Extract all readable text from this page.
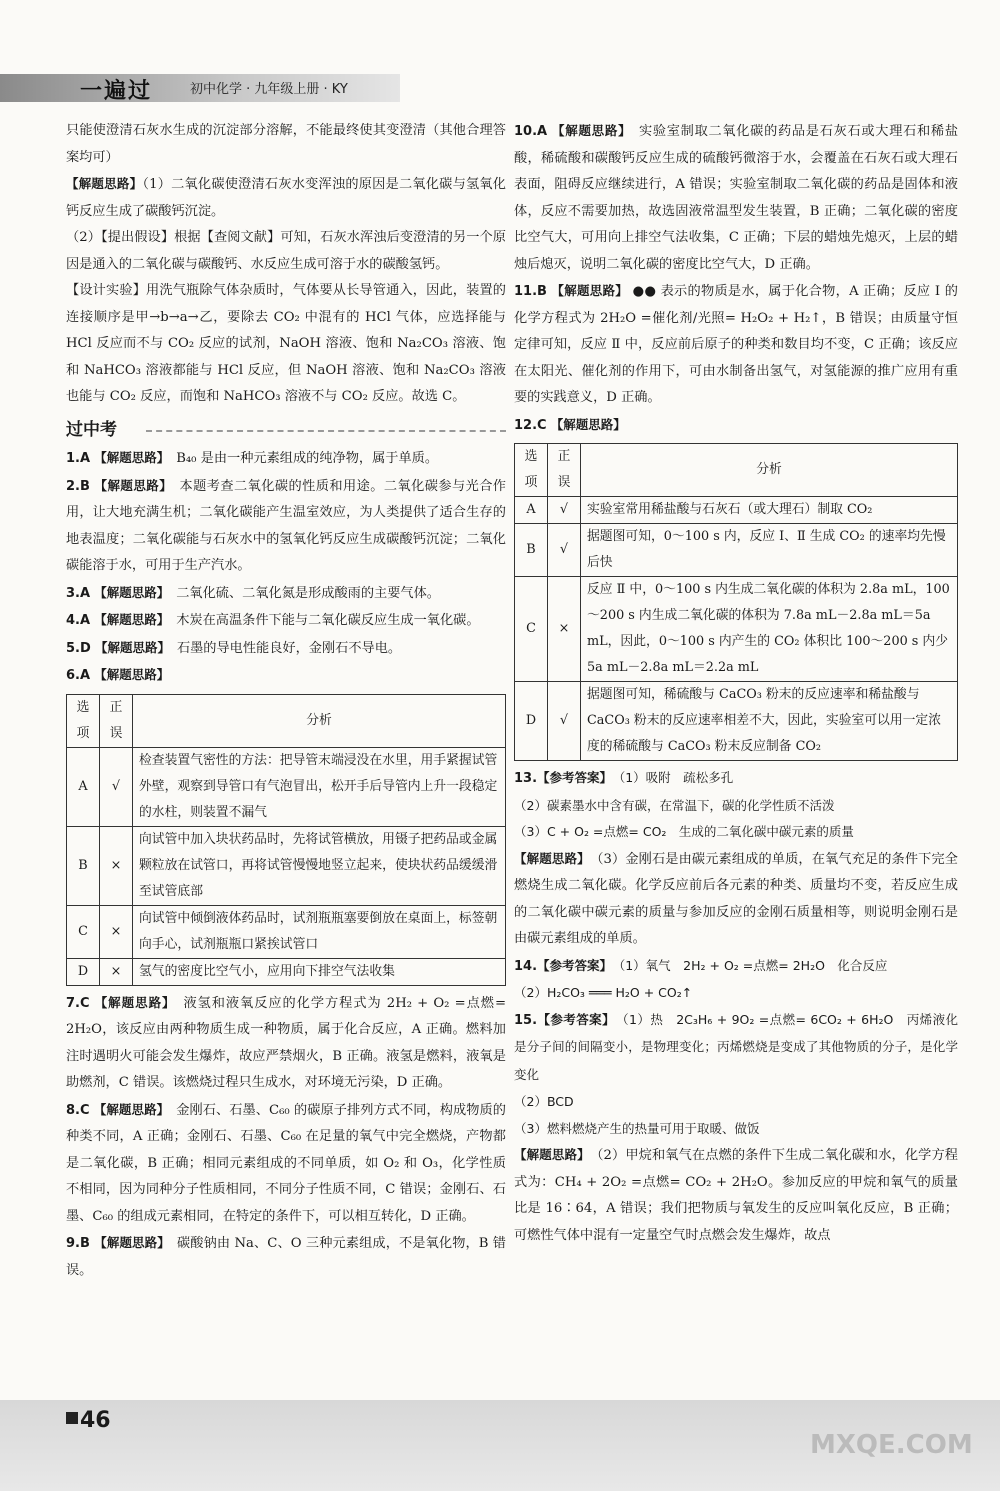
一遍过	初中化学 · 九年级上册 · KY

只能使澄清石灰水生成的沉淀部分溶解，不能最终使其变澄清（其他合理答案均可）

【解题思路】（1）二氧化碳使澄清石灰水变浑浊的原因是二氧化碳与氢氧化钙反应生成了碳酸钙沉淀。

（2）【提出假设】根据【查阅文献】可知，石灰水浑浊后变澄清的另一个原因是通入的二氧化碳与碳酸钙、水反应生成可溶于水的碳酸氢钙。

【设计实验】用洗气瓶除气体杂质时，气体要从长导管通入，因此，装置的连接顺序是甲→b→a→乙，要除去 CO₂ 中混有的 HCl 气体，应选择能与 HCl 反应而不与 CO₂ 反应的试剂，NaOH 溶液、饱和 Na₂CO₃ 溶液、饱和 NaHCO₃ 溶液都能与 HCl 反应，但 NaOH 溶液、饱和 Na₂CO₃ 溶液也能与 CO₂ 反应，而饱和 NaHCO₃ 溶液不与 CO₂ 反应。故选 C。

过中考

1.A 【解题思路】　 B₄₀ 是由一种元素组成的纯净物，属于单质。

2.B 【解题思路】　 本题考查二氧化碳的性质和用途。二氧化碳参与光合作用，让大地充满生机；二氧化碳能产生温室效应，为人类提供了适合生存的地表温度；二氧化碳能与石灰水中的氢氧化钙反应生成碳酸钙沉淀；二氧化碳能溶于水，可用于生产汽水。

3.A 【解题思路】　 二氧化硫、二氧化氮是形成酸雨的主要气体。

4.A 【解题思路】　 木炭在高温条件下能与二氧化碳反应生成一氧化碳。

5.D 【解题思路】　 石墨的导电性能良好，金刚石不导电。

6.A 【解题思路】

选项	正误	分析
A	√	检查装置气密性的方法：把导管末端浸没在水里，用手紧握试管外壁，观察到导管口有气泡冒出，松开手后导管内上升一段稳定的水柱，则装置不漏气
B	×	向试管中加入块状药品时，先将试管横放，用镊子把药品或金属颗粒放在试管口，再将试管慢慢地竖立起来，使块状药品缓缓滑至试管底部
C	×	向试管中倾倒液体药品时，试剂瓶瓶塞要倒放在桌面上，标签朝向手心，试剂瓶瓶口紧挨试管口
D	×	氢气的密度比空气小，应用向下排空气法收集

7.C 【解题思路】　 液氢和液氧反应的化学方程式为 2H₂ + O₂ =点燃= 2H₂O，该反应由两种物质生成一种物质，属于化合反应，A 正确。燃料加注时遇明火可能会发生爆炸，故应严禁烟火，B 正确。液氢是燃料，液氧是助燃剂，C 错误。该燃烧过程只生成水，对环境无污染，D 正确。

8.C 【解题思路】　 金刚石、石墨、C₆₀ 的碳原子排列方式不同，构成物质的种类不同，A 正确；金刚石、石墨、C₆₀ 在足量的氧气中完全燃烧，产物都是二氧化碳，B 正确；相同元素组成的不同单质，如 O₂ 和 O₃，化学性质不相同，因为同种分子性质相同，不同分子性质不同，C 错误；金刚石、石墨、C₆₀ 的组成元素相同，在特定的条件下，可以相互转化，D 正确。

9.B 【解题思路】　 碳酸钠由 Na、C、O 三种元素组成，不是氧化物，B 错误。

10.A 【解题思路】　 实验室制取二氧化碳的药品是石灰石或大理石和稀盐酸，稀硫酸和碳酸钙反应生成的硫酸钙微溶于水，会覆盖在石灰石或大理石表面，阻碍反应继续进行，A 错误；实验室制取二氧化碳的药品是固体和液体，反应不需要加热，故选固液常温型发生装置，B 正确；二氧化碳的密度比空气大，可用向上排空气法收集，C 正确；下层的蜡烛先熄灭，上层的蜡烛后熄灭，说明二氧化碳的密度比空气大，D 正确。

11.B 【解题思路】 ●● 表示的物质是水，属于化合物，A 正确；反应 Ⅰ 的化学方程式为 2H₂O =催化剂/光照= H₂O₂ + H₂↑，B 错误；由质量守恒定律可知，反应 Ⅱ 中，反应前后原子的种类和数目均不变，C 正确；该反应在太阳光、催化剂的作用下，可由水制备出氢气，对氢能源的推广应用有重要的实践意义，D 正确。

12.C 【解题思路】

选项	正误	分析
A	√	实验室常用稀盐酸与石灰石（或大理石）制取 CO₂
B	√	据题图可知，0～100 s 内，反应 Ⅰ、Ⅱ 生成 CO₂ 的速率均先慢后快
C	×	反应 Ⅱ 中，0～100 s 内生成二氧化碳的体积为 2.8a mL，100～200 s 内生成二氧化碳的体积为 7.8a mL－2.8a mL＝5a mL，因此，0～100 s 内产生的 CO₂ 体积比 100～200 s 内少 5a mL－2.8a mL＝2.2a mL
D	√	据题图可知，稀硫酸与 CaCO₃ 粉末的反应速率和稀盐酸与 CaCO₃ 粉末的反应速率相差不大，因此，实验室可以用一定浓度的稀硫酸与 CaCO₃ 粉末反应制备 CO₂

13.【参考答案】　 （1）吸附　疏松多孔

（2）碳素墨水中含有碳，在常温下，碳的化学性质不活泼

（3）C + O₂ =点燃= CO₂　生成的二氧化碳中碳元素的质量

【解题思路】　 （3）金刚石是由碳元素组成的单质，在氧气充足的条件下完全燃烧生成二氧化碳。化学反应前后各元素的种类、质量均不变，若反应生成的二氧化碳中碳元素的质量与参加反应的金刚石质量相等，则说明金刚石是由碳元素组成的单质。

14.【参考答案】　 （1）氧气　2H₂ + O₂ =点燃= 2H₂O　化合反应

（2）H₂CO₃ ═══ H₂O + CO₂↑

15.【参考答案】　 （1）热　2C₃H₆ + 9O₂ =点燃= 6CO₂ + 6H₂O　丙烯液化是分子间的间隔变小，是物理变化；丙烯燃烧是变成了其他物质的分子，是化学变化

（2）BCD

（3）燃料燃烧产生的热量可用于取暖、做饭

【解题思路】　 （2）甲烷和氧气在点燃的条件下生成二氧化碳和水，化学方程式为：CH₄ + 2O₂ =点燃= CO₂ + 2H₂O。参加反应的甲烷和氧气的质量比是 16∶64，A 错误；我们把物质与氧发生的反应叫氧化反应，B 正确；可燃性气体中混有一定量空气时点燃会发生爆炸，故点

46
MXQE.COM
